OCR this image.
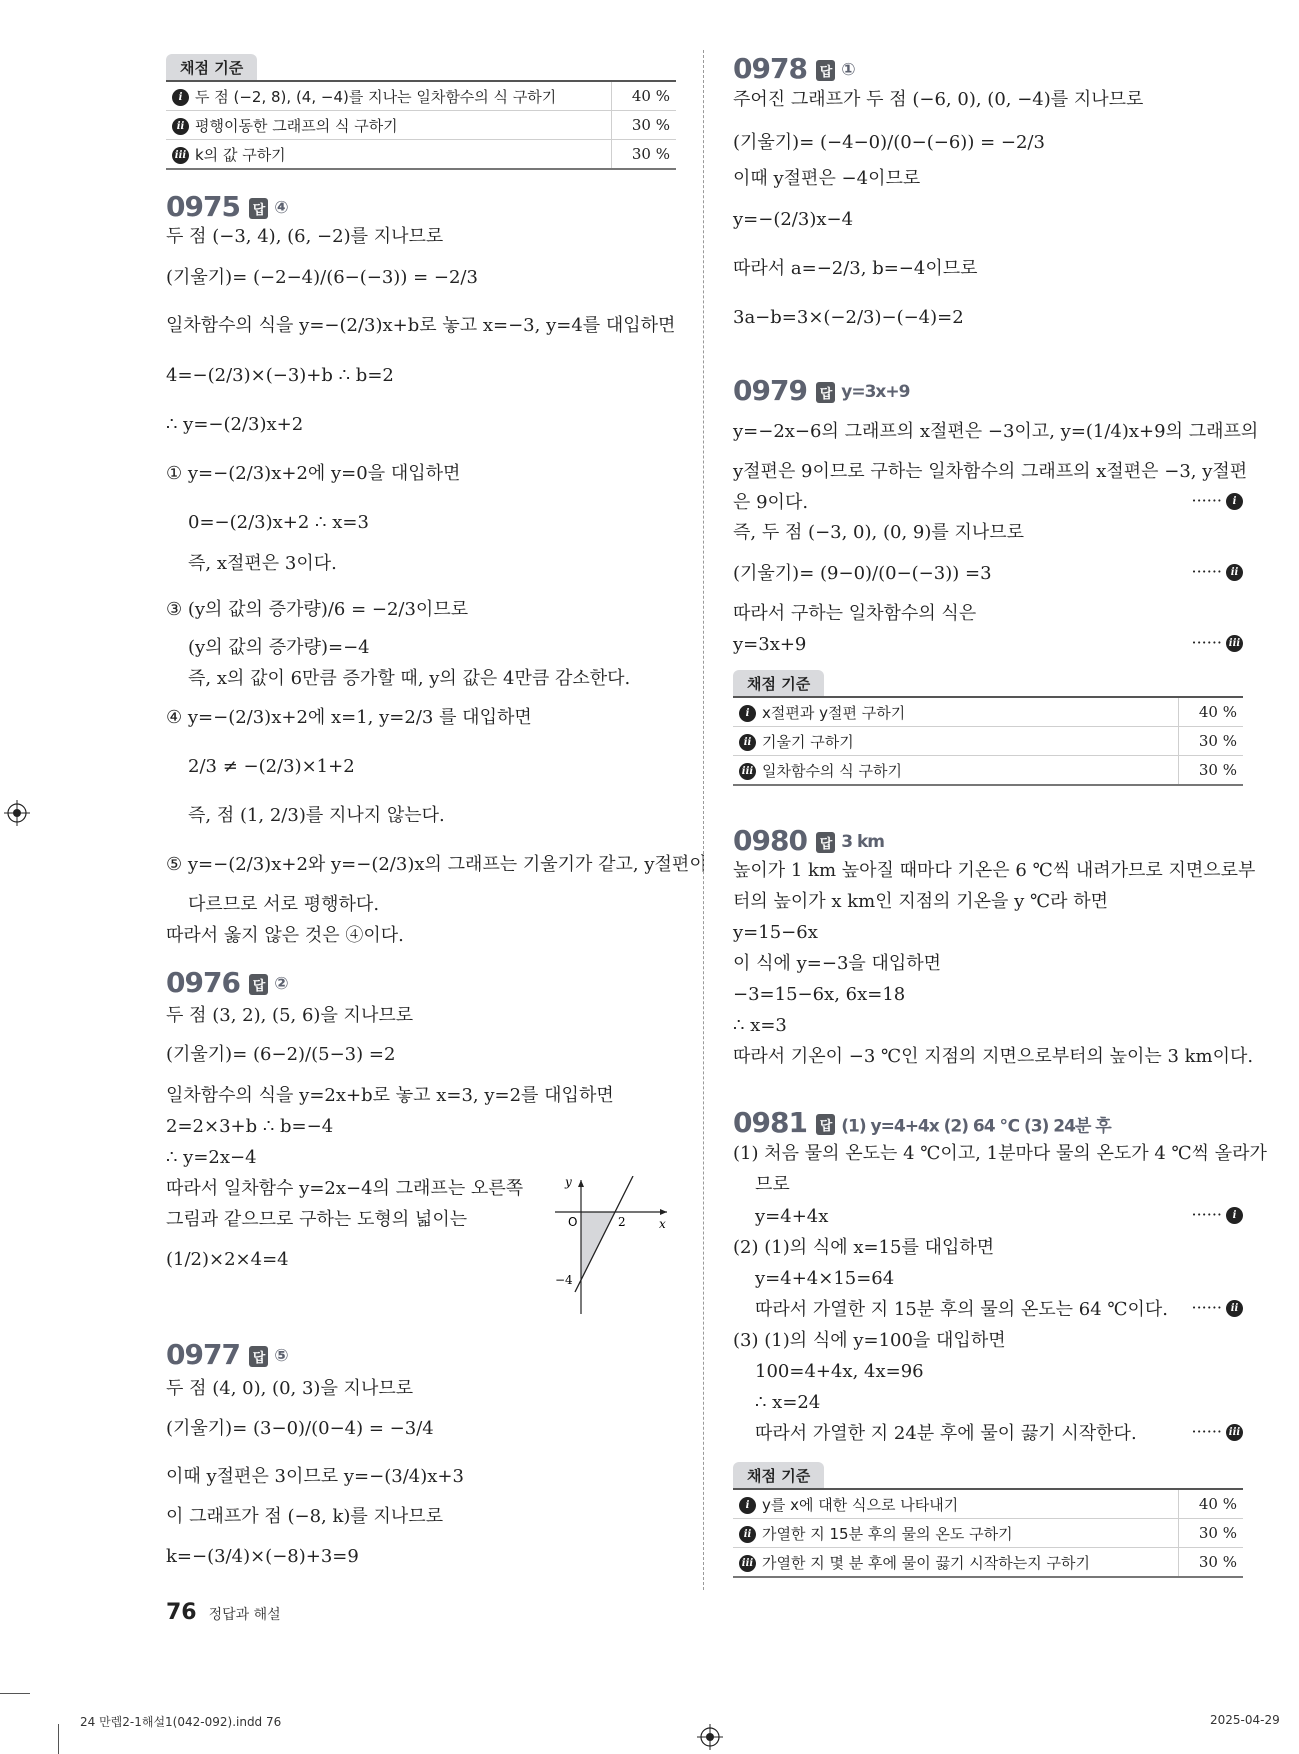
채점 기준
i 두 점 (−2, 8), (4, −4)를 지나는 일차함수의 식 구하기	40 %
ii 평행이동한 그래프의 식 구하기	30 %
iii k의 값 구하기	30 %
0975 답 ④
두 점 (−3, 4), (6, −2)를 지나므로
(기울기)= (−2−4)/(6−(−3)) = −2/3
일차함수의 식을 y=−(2/3)x+b로 놓고 x=−3, y=4를 대입하면
4=−(2/3)×(−3)+b ∴ b=2
∴ y=−(2/3)x+2
① y=−(2/3)x+2에 y=0을 대입하면
0=−(2/3)x+2 ∴ x=3
즉, x절편은 3이다.
③ (y의 값의 증가량)/6 = −2/3이므로
(y의 값의 증가량)=−4
즉, x의 값이 6만큼 증가할 때, y의 값은 4만큼 감소한다.
④ y=−(2/3)x+2에 x=1, y=2/3 를 대입하면
2/3 ≠ −(2/3)×1+2
즉, 점 (1, 2/3)를 지나지 않는다.
⑤ y=−(2/3)x+2와 y=−(2/3)x의 그래프는 기울기가 같고, y절편이
다르므로 서로 평행하다.
따라서 옳지 않은 것은 ④이다.
0976 답 ②
두 점 (3, 2), (5, 6)을 지나므로
(기울기)= (6−2)/(5−3) =2
일차함수의 식을 y=2x+b로 놓고 x=3, y=2를 대입하면
2=2×3+b ∴ b=−4
∴ y=2x−4
따라서 일차함수 y=2x−4의 그래프는 오른쪽
그림과 같으므로 구하는 도형의 넓이는
(1/2)×2×4=4
y
x
O	2
−4
0977 답 ⑤
두 점 (4, 0), (0, 3)을 지나므로
(기울기)= (3−0)/(0−4) = −3/4
이때 y절편은 3이므로 y=−(3/4)x+3
이 그래프가 점 (−8, k)를 지나므로
k=−(3/4)×(−8)+3=9
0978 답 ①
주어진 그래프가 두 점 (−6, 0), (0, −4)를 지나므로
(기울기)= (−4−0)/(0−(−6)) = −2/3
이때 y절편은 −4이므로
y=−(2/3)x−4
따라서 a=−2/3, b=−4이므로
3a−b=3×(−2/3)−(−4)=2
0979 답 y=3x+9
y=−2x−6의 그래프의 x절편은 −3이고, y=(1/4)x+9의 그래프의
y절편은 9이므로 구하는 일차함수의 그래프의 x절편은 −3, y절편
은 9이다.	······ i
즉, 두 점 (−3, 0), (0, 9)를 지나므로
(기울기)= (9−0)/(0−(−3)) =3	······ ii
따라서 구하는 일차함수의 식은
y=3x+9	······ iii
채점 기준
i x절편과 y절편 구하기	40 %
ii 기울기 구하기	30 %
iii 일차함수의 식 구하기	30 %
0980 답 3 km
높이가 1 km 높아질 때마다 기온은 6 ℃씩 내려가므로 지면으로부
터의 높이가 x km인 지점의 기온을 y ℃라 하면
y=15−6x
이 식에 y=−3을 대입하면
−3=15−6x, 6x=18
∴ x=3
따라서 기온이 −3 ℃인 지점의 지면으로부터의 높이는 3 km이다.
0981 답 (1) y=4+4x (2) 64 ℃ (3) 24분 후
(1) 처음 물의 온도는 4 ℃이고, 1분마다 물의 온도가 4 ℃씩 올라가
므로
y=4+4x	······ i
(2) (1)의 식에 x=15를 대입하면
y=4+4×15=64
따라서 가열한 지 15분 후의 물의 온도는 64 ℃이다. ······ ii
(3) (1)의 식에 y=100을 대입하면
100=4+4x, 4x=96
∴ x=24
따라서 가열한 지 24분 후에 물이 끓기 시작한다.	······ iii
채점 기준
i y를 x에 대한 식으로 나타내기	40 %
ii 가열한 지 15분 후의 물의 온도 구하기	30 %
iii 가열한 지 몇 분 후에 물이 끓기 시작하는지 구하기	30 %
76 정답과 해설
24 만렙2-1해설1(042-092).indd 76	2025-04-29
